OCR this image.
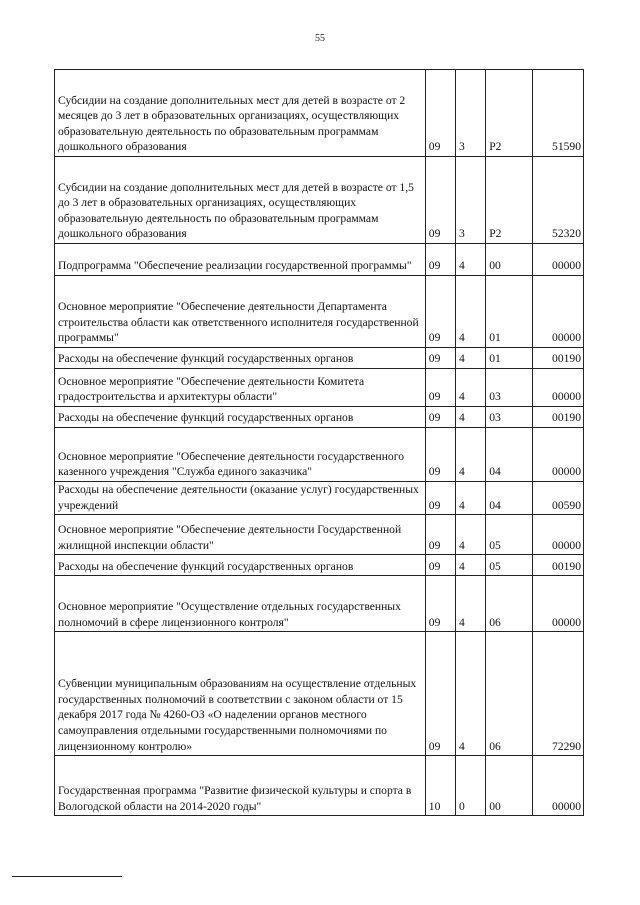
55
Субсидии на создание дополнительных мест для детей в возрасте от 2 месяцев до 3 лет в образовательных организациях, осуществляющих образовательную деятельность по образовательным программам дошкольного образования	09	3	Р2	51590
Субсидии на создание дополнительных мест для детей в возрасте от 1,5 до 3 лет в образовательных организациях, осуществляющих образовательную деятельность по образовательным программам дошкольного образования	09	3	Р2	52320
Подпрограмма "Обеспечение реализации государственной программы"	09	4	00	00000
Основное мероприятие "Обеспечение деятельности Департамента строительства области как ответственного исполнителя государственной программы"	09	4	01	00000
Расходы на обеспечение функций государственных органов	09	4	01	00190
Основное мероприятие "Обеспечение деятельности Комитета градостроительства и архитектуры области"	09	4	03	00000
Расходы на обеспечение функций государственных органов	09	4	03	00190
Основное мероприятие "Обеспечение деятельности государственного казенного учреждения "Служба единого заказчика"	09	4	04	00000
Расходы на обеспечение деятельности (оказание услуг) государственных учреждений	09	4	04	00590
Основное мероприятие "Обеспечение деятельности Государственной жилищной инспекции области"	09	4	05	00000
Расходы на обеспечение функций государственных органов	09	4	05	00190
Основное мероприятие "Осуществление отдельных государственных полномочий в сфере лицензионного контроля"	09	4	06	00000
Субвенции муниципальным образованиям на осуществление отдельных государственных полномочий в соответствии с законом области от 15 декабря 2017 года № 4260-ОЗ «О наделении органов местного самоуправления отдельными государственными полномочиями по лицензионному контролю»	09	4	06	72290
Государственная программа "Развитие физической культуры и спорта в Вологодской области на 2014-2020 годы"	10	0	00	00000
